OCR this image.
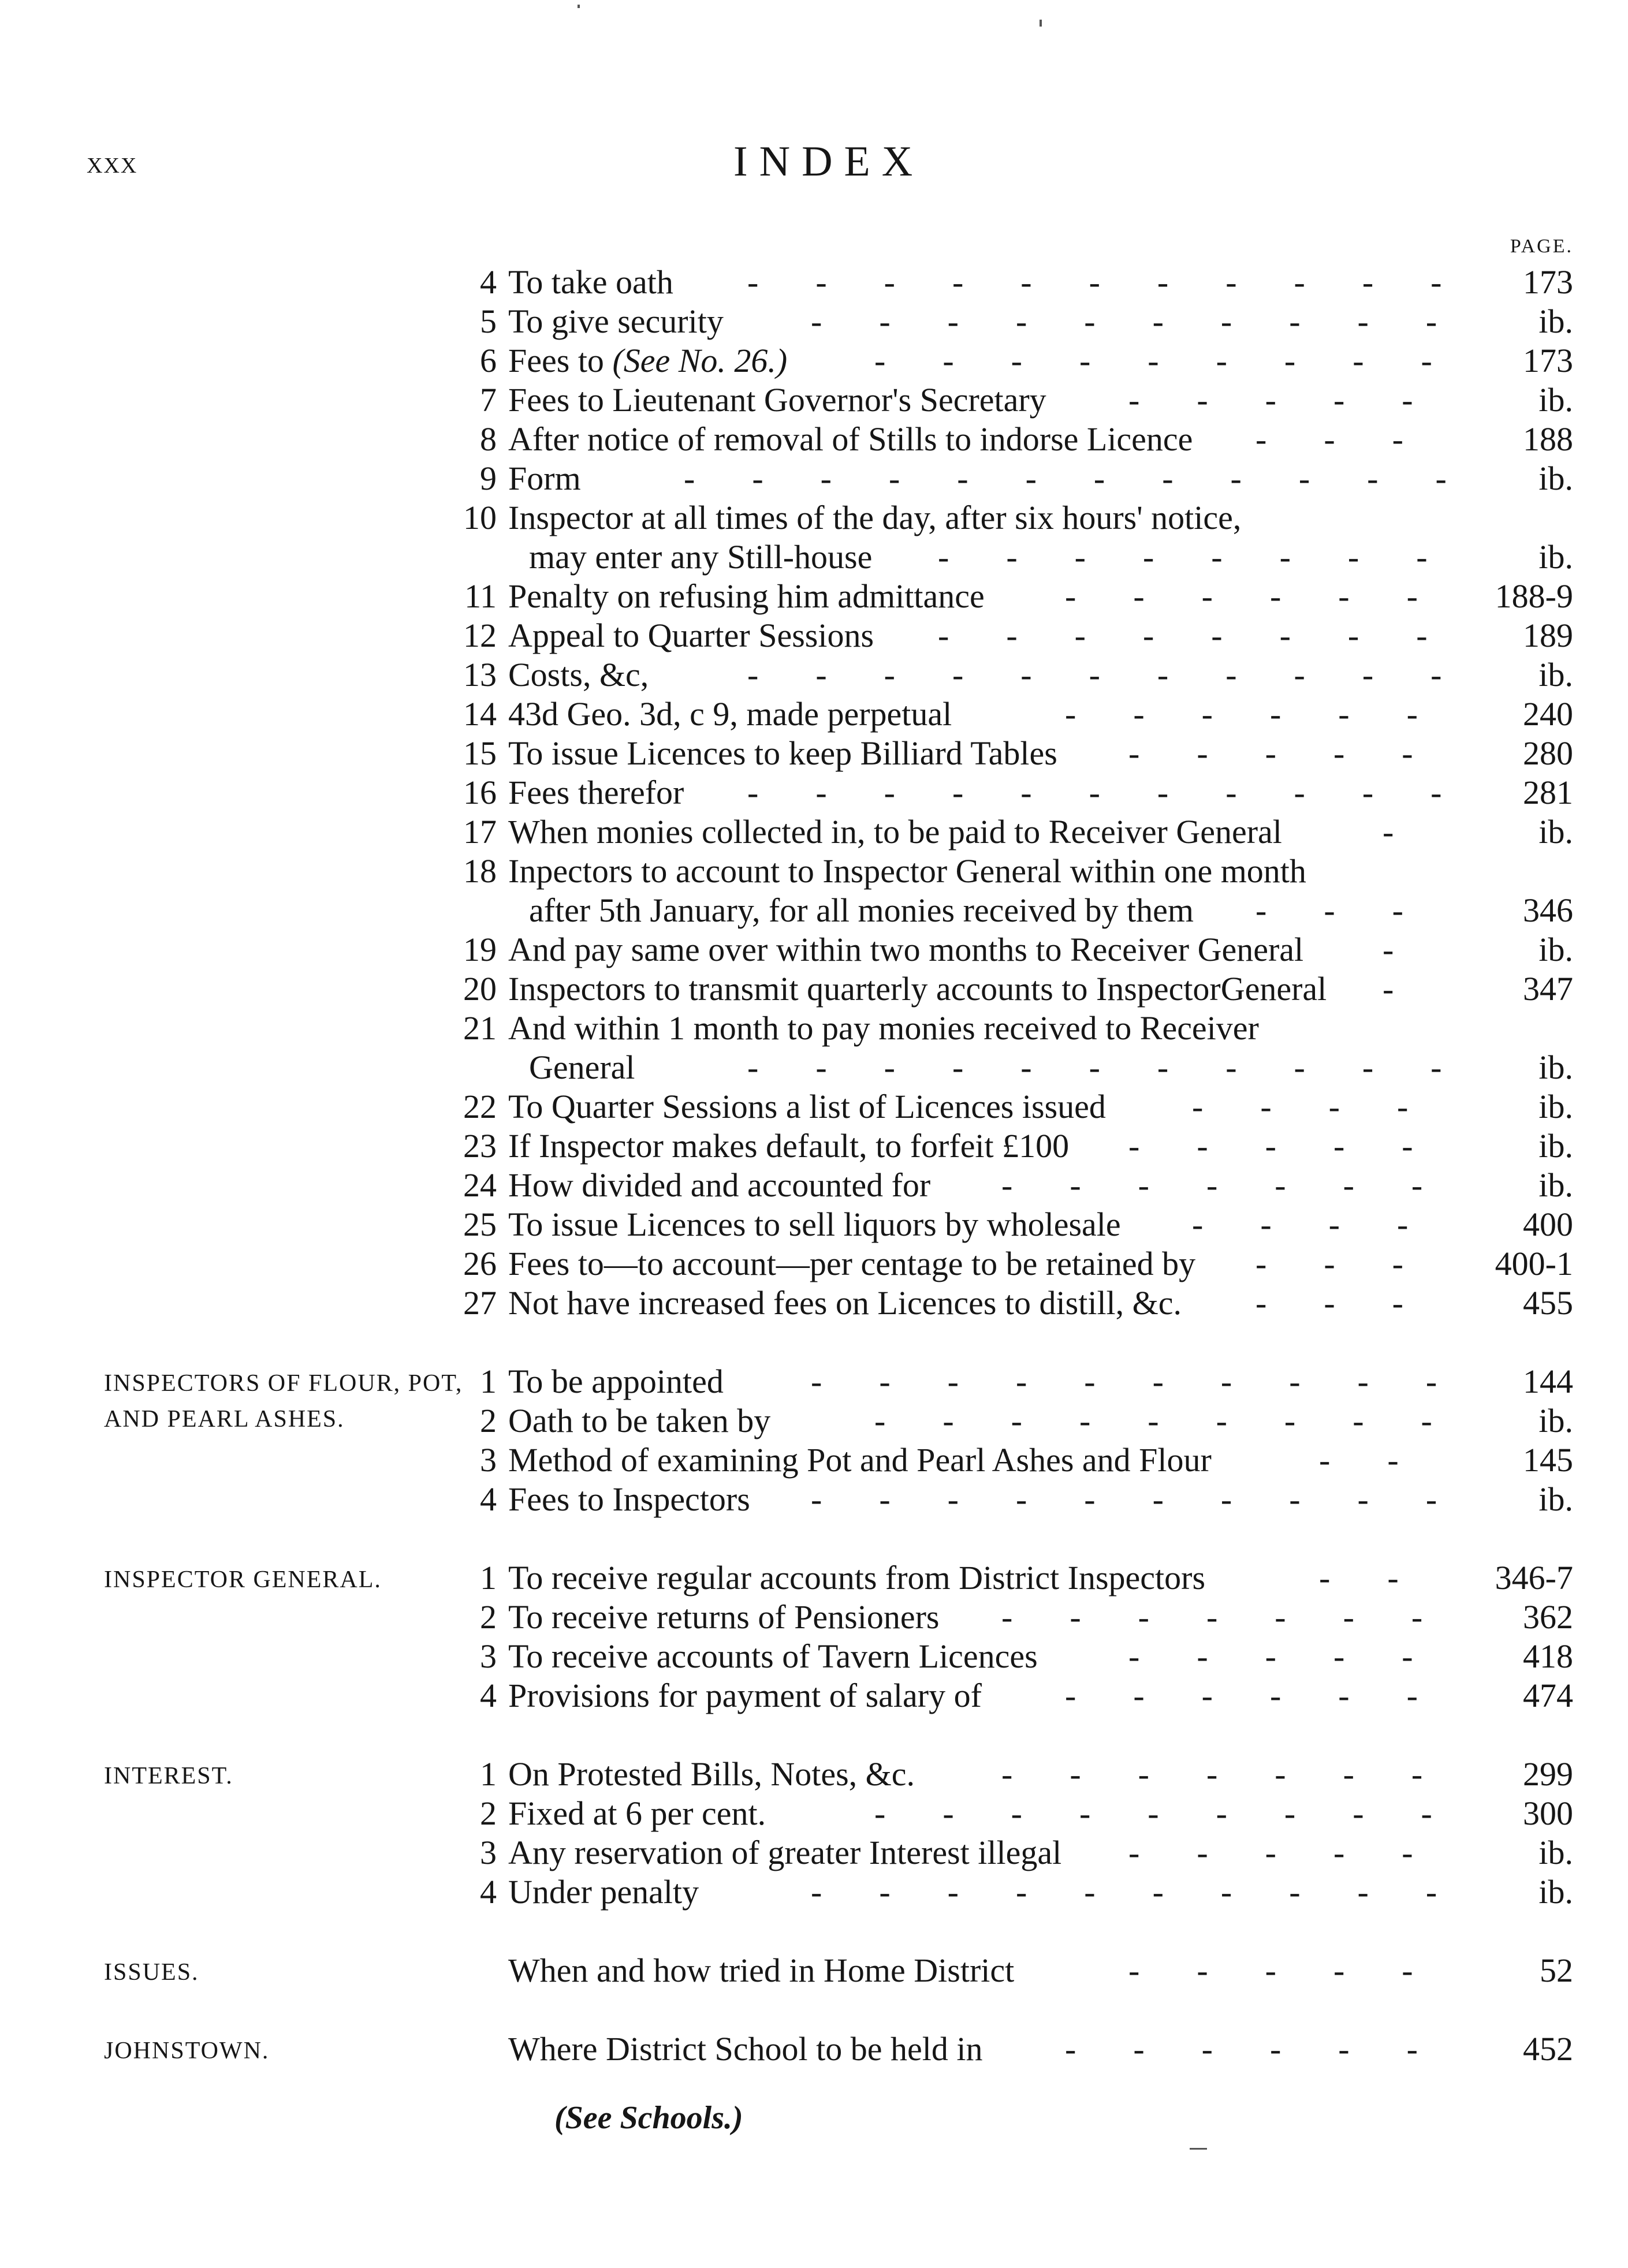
xxx	INDEX
PAGE.
4 To take oath	173
-      -      -      -      -      -      -      -      -      -      -
5 To give security	ib.
-      -      -      -      -      -      -      -      -      -
6 Fees to (See No. 26.)	173
-      -      -      -      -      -      -      -      -
7 Fees to Lieutenant Governor's Secretary	ib.
-      -      -      -      -
8 After notice of removal of Stills to indorse Licence	188
-      -      -
9 Form	ib.
-      -      -      -      -      -      -      -      -      -      -      -
10 Inspector at all times of the day, after six hours' notice,
may enter any Still-house	ib.
-      -      -      -      -      -      -      -
11 Penalty on refusing him admittance	188-9
-      -      -      -      -      -
12 Appeal to Quarter Sessions	189
-      -      -      -      -      -      -      -
13 Costs, &c,	ib.
-      -      -      -      -      -      -      -      -      -      -
14 43d Geo. 3d, c 9, made perpetual	240
-      -      -      -      -      -
15 To issue Licences to keep Billiard Tables	280
-      -      -      -      -
16 Fees therefor	281
-      -      -      -      -      -      -      -      -      -      -
17 When monies collected in, to be paid to Receiver General	ib.
-
18 Inpectors to account to Inspector General within one month
after 5th January, for all monies received by them	346
-      -      -
19 And pay same over within two months to Receiver General	ib.
-
20 Inspectors to transmit quarterly accounts to InspectorGeneral	347
-
21 And within 1 month to pay monies received to Receiver
General	ib.
-      -      -      -      -      -      -      -      -      -      -
22 To Quarter Sessions a list of Licences issued	ib.
-      -      -      -
23 If Inspector makes default, to forfeit £100	ib.
-      -      -      -      -
24 How divided and accounted for	ib.
-      -      -      -      -      -      -
25 To issue Licences to sell liquors by wholesale	400
-      -      -      -
26 Fees to—to account—per centage to be retained by	400-1
-      -      -
27 Not have increased fees on Licences to distill, &c.	455
-      -      -
INSPECTORS OF FLOUR, POT, AND PEARL ASHES.
1 To be appointed	144
-      -      -      -      -      -      -      -      -      -
2 Oath to be taken by	ib.
-      -      -      -      -      -      -      -      -
3 Method of examining Pot and Pearl Ashes and Flour	145
-      -
4 Fees to Inspectors	ib.
-      -      -      -      -      -      -      -      -      -
INSPECTOR GENERAL.	1 To receive regular accounts from District Inspectors	346-7
-      -
2 To receive returns of Pensioners	362
-      -      -      -      -      -      -
3 To receive accounts of Tavern Licences	418
-      -      -      -      -
4 Provisions for payment of salary of	474
-      -      -      -      -      -
INTEREST.	1 On Protested Bills, Notes, &c.	299
-      -      -      -      -      -      -
2 Fixed at 6 per cent.	300
-      -      -      -      -      -      -      -      -
3 Any reservation of greater Interest illegal	ib.
-      -      -      -      -
4 Under penalty	ib.
-      -      -      -      -      -      -      -      -      -
ISSUES.	When and how tried in Home District	52
-      -      -      -      -
JOHNSTOWN.	Where District School to be held in	452
-      -      -      -      -      -
(See Schools.)
